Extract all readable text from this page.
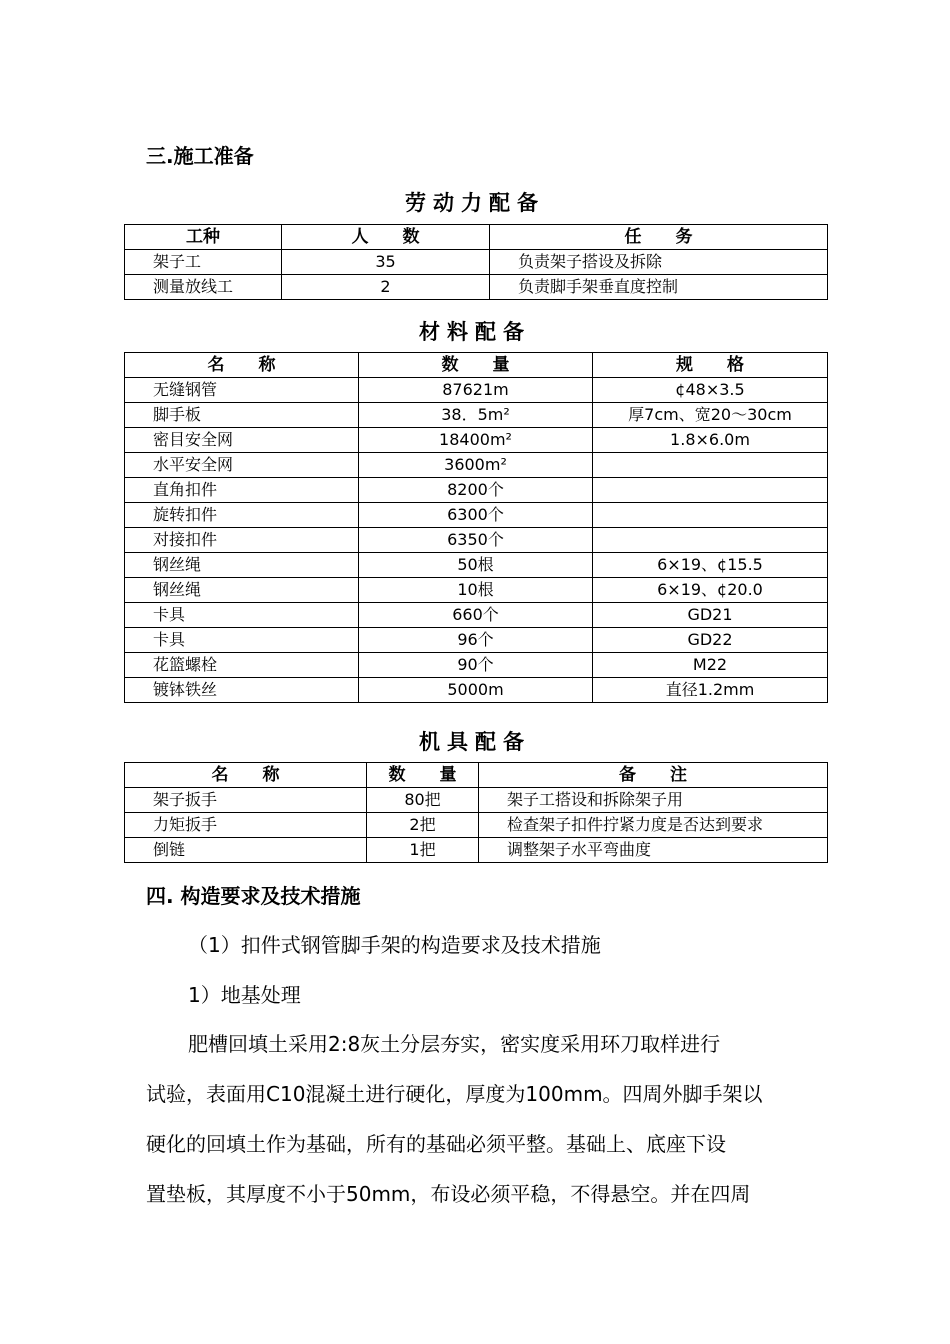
三.施工准备
劳动力配备
工种	人　　数	任　　务
架子工	35	负责架子搭设及拆除
测量放线工	2	负责脚手架垂直度控制
材料配备
名　　称	数　　量	规　　格
无缝钢管	87621m	¢48×3.5
脚手板	38．5m²	厚7cm、宽20～30cm
密目安全网	18400m²	1.8×6.0m
水平安全网	3600m²	
直角扣件	8200个	
旋转扣件	6300个	
对接扣件	6350个	
钢丝绳	50根	6×19、¢15.5
钢丝绳	10根	6×19、¢20.0
卡具	660个	GD21
卡具	96个	GD22
花篮螺栓	90个	M22
镀钵铁丝	5000m	直径1.2mm
机具配备
名　　称	数　　量	备　　注
架子扳手	80把	架子工搭设和拆除架子用
力矩扳手	2把	检查架子扣件拧紧力度是否达到要求
倒链	1把	调整架子水平弯曲度
四. 构造要求及技术措施
（1）扣件式钢管脚手架的构造要求及技术措施
1）地基处理
肥槽回填土采用2:8灰土分层夯实，密实度采用环刀取样进行
试验，表面用C10混凝土进行硬化，厚度为100mm。四周外脚手架以
硬化的回填土作为基础，所有的基础必须平整。基础上、底座下设
置垫板，其厚度不小于50mm，布设必须平稳，不得悬空。并在四周
